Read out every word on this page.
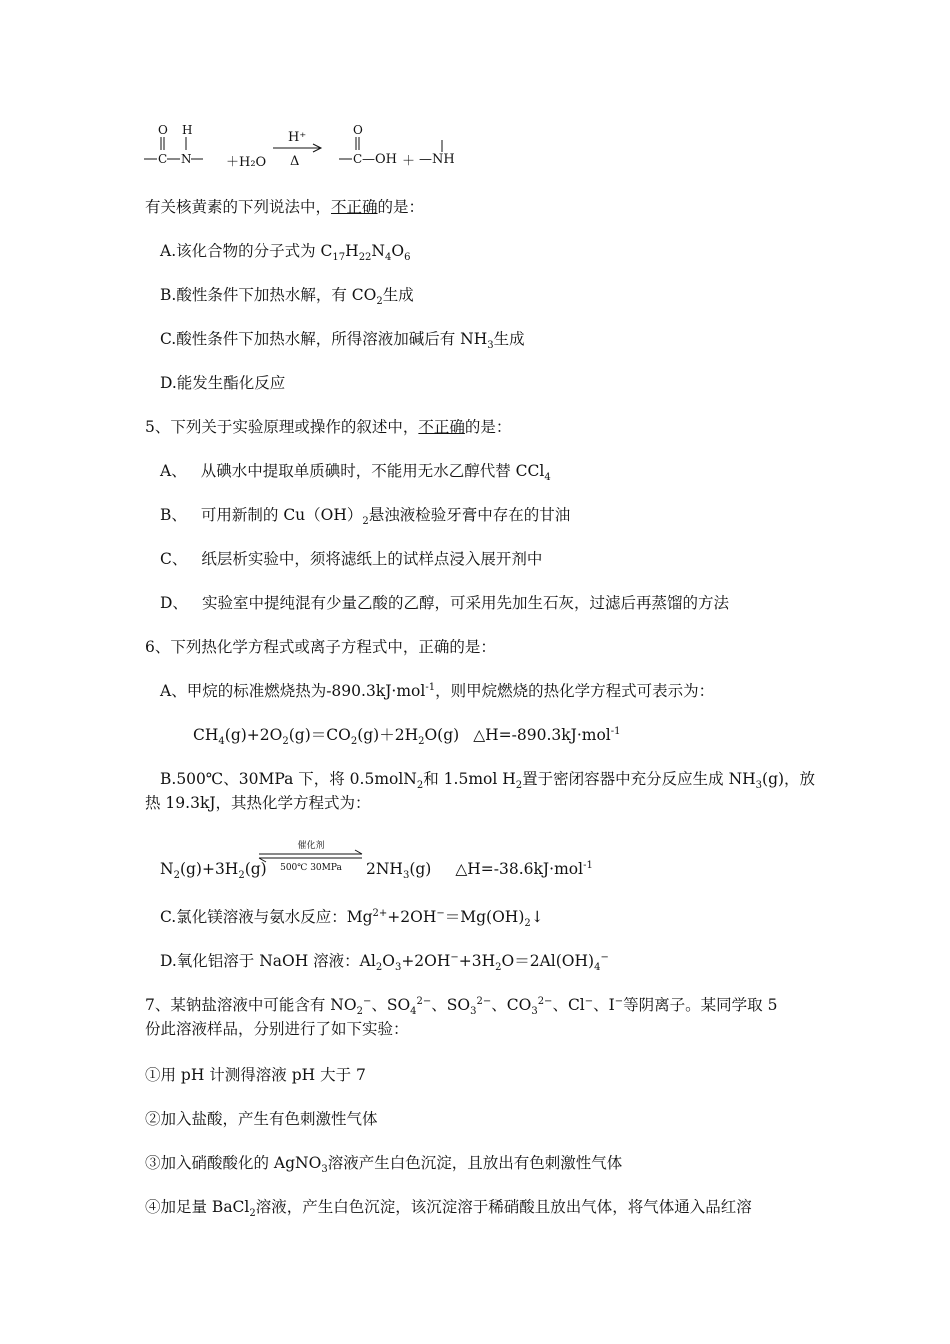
O H
C N
O
C
＋H₂O
H⁺
Δ	—OH ＋ —NH
有关核黄素的下列说法中，不正确的是：
A.该化合物的分子式为 $C_{17}H_{22}N_4O_6$
B.酸性条件下加热水解，有 $CO_2$生成
C.酸性条件下加热水解，所得溶液加碱后有 $NH_3$生成
D.能发生酯化反应
5、下列关于实验原理或操作的叙述中，不正确的是：
A、 从碘水中提取单质碘时，不能用无水乙醇代替 CCl$_4$
B、 可用新制的 $Cu(OH)_2$悬浊液检验牙膏中存在的甘油
C、 纸层析实验中，须将滤纸上的试样点浸入展开剂中
D、 实验室中提纯混有少量乙酸的乙醇，可采用先加生石灰，过滤后再蒸馏的方法
6、下列热化学方程式或离子方程式中，正确的是：
A、甲烷的标准燃烧热为-890.3kJ·mol$^{-1}$，则甲烷燃烧的热化学方程式可表示为：
$CH_4(g)+2O_2(g)=CO_2(g)+2H_2O(g)$ △H=-890.3kJ·mol$^{-1}$
B.500℃、30MPa 下，将 0.5molN$_2$和 1.5mol $H_2$置于密闭容器中充分反应生成 $NH_3(g)$，放
热 19.3kJ，其热化学方程式为：
催化剂
500℃ 30MPa
$N_2(g)+3H_2(g)$	$2NH_3(g)$ △H=-38.6kJ·mol$^{-1}$
C.氯化镁溶液与氨水反应：$Mg^{2+}+2OH^-=Mg(OH)_2↓$
D.氧化铝溶于 NaOH 溶液：$Al_2O_3+2OH^-+3H_2O=2Al(OH)_4^-$
7、某钠盐溶液中可能含有 $NO_2^-$、$SO_4^{2-}$、$SO_3^{2-}$、$CO_3^{2-}$、Cl−、I−等阴离子。某同学取 5
份此溶液样品，分别进行了如下实验：
①用 pH 计测得溶液 pH 大于 7
②加入盐酸，产生有色刺激性气体
③加入硝酸酸化的 AgNO$_3$溶液产生白色沉淀，且放出有色刺激性气体
④加足量 BaCl$_2$溶液，产生白色沉淀，该沉淀溶于稀硝酸且放出气体，将气体通入品红溶
